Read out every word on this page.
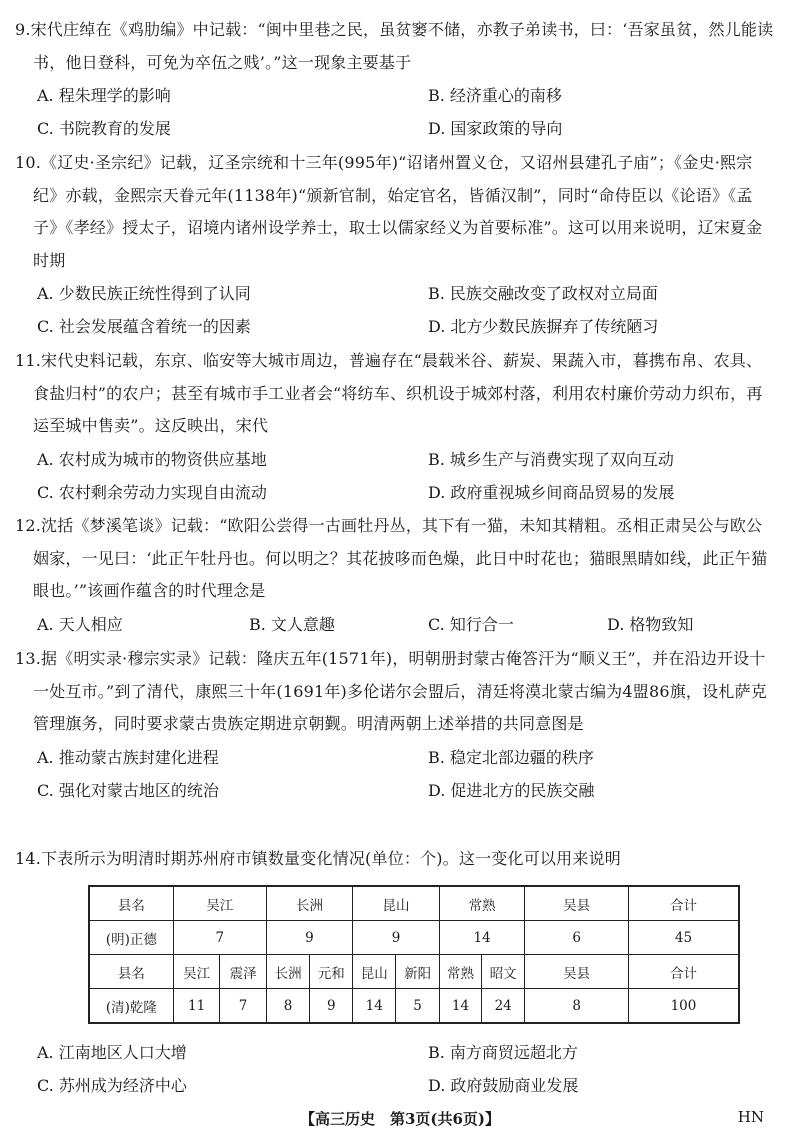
9.宋代庄绰在《鸡肋编》中记载：“闽中里巷之民，虽贫窭不储，亦教子弟读书，曰：‘吾家虽贫，然儿能读书，他日登科，可免为卒伍之贱’。”这一现象主要基于

A. 程朱理学的影响	B. 经济重心的南移
C. 书院教育的发展	D. 国家政策的导向

10.《辽史·圣宗纪》记载，辽圣宗统和十三年(995年)“诏诸州置义仓，又诏州县建孔子庙”；《金史·熙宗纪》亦载，金熙宗天眷元年(1138年)“颁新官制，始定官名，皆循汉制”，同时“命侍臣以《论语》《孟子》《孝经》授太子，诏境内诸州设学养士，取士以儒家经义为首要标准”。这可以用来说明，辽宋夏金时期

A. 少数民族正统性得到了认同	B. 民族交融改变了政权对立局面
C. 社会发展蕴含着统一的因素	D. 北方少数民族摒弃了传统陋习

11.宋代史料记载，东京、临安等大城市周边，普遍存在“晨载米谷、薪炭、果蔬入市，暮携布帛、农具、食盐归村”的农户；甚至有城市手工业者会“将纺车、织机设于城郊村落，利用农村廉价劳动力织布，再运至城中售卖”。这反映出，宋代

A. 农村成为城市的物资供应基地	B. 城乡生产与消费实现了双向互动
C. 农村剩余劳动力实现自由流动	D. 政府重视城乡间商品贸易的发展

12.沈括《梦溪笔谈》记载：“欧阳公尝得一古画牡丹丛，其下有一猫，未知其精粗。丞相正肃吴公与欧公姻家，一见曰：‘此正午牡丹也。何以明之？其花披哆而色燥，此日中时花也；猫眼黑睛如线，此正午猫眼也。’”该画作蕴含的时代理念是

A. 天人相应	B. 文人意趣	C. 知行合一	D. 格物致知

13.据《明实录·穆宗实录》记载：隆庆五年(1571年)，明朝册封蒙古俺答汗为“顺义王”，并在沿边开设十一处互市。”到了清代，康熙三十年(1691年)多伦诺尔会盟后，清廷将漠北蒙古编为4盟86旗，设札萨克管理旗务，同时要求蒙古贵族定期进京朝觐。明清两朝上述举措的共同意图是

A. 推动蒙古族封建化进程	B. 稳定北部边疆的秩序
C. 强化对蒙古地区的统治	D. 促进北方的民族交融

14.下表所示为明清时期苏州府市镇数量变化情况(单位：个)。这一变化可以用来说明

县名	吴江		长洲		昆山		常熟		吴县	合计
(明)正德	7		9		9		14		6	45
县名	吴江	震泽	长洲	元和	昆山	新阳	常熟	昭文	吴县	合计
(清)乾隆	11	7	8	9	14	5	14	24	8	100
A. 江南地区人口大增	B. 南方商贸远超北方
C. 苏州成为经济中心	D. 政府鼓励商业发展
【高三历史　第3页(共6页)】	HN
